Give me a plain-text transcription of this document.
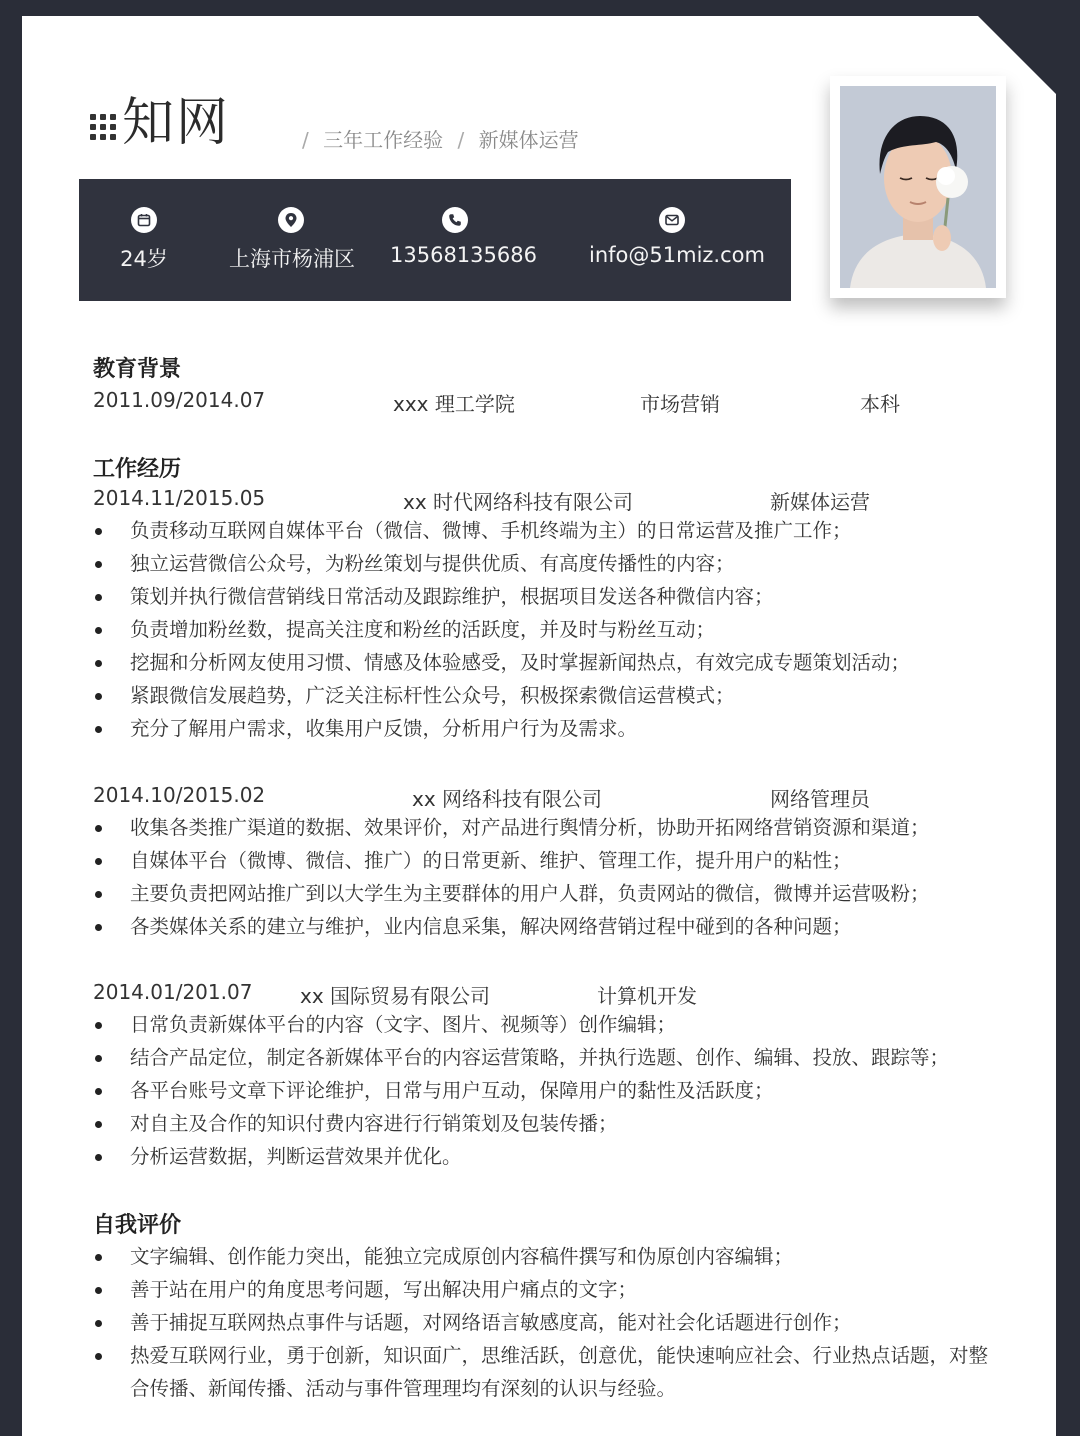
知网	/ 三年工作经验 / 新媒体运营
24岁	上海市杨浦区 13568135686 info@51miz.com
教育背景
2011.09/2014.07	xxx 理工学院	市场营销	本科
工作经历
2014.11/2015.05	xx 时代网络科技有限公司	新媒体运营
负责移动互联网自媒体平台（微信、微博、手机终端为主）的日常运营及推广工作；
独立运营微信公众号，为粉丝策划与提供优质、有高度传播性的内容；
策划并执行微信营销线日常活动及跟踪维护，根据项目发送各种微信内容；
负责增加粉丝数，提高关注度和粉丝的活跃度，并及时与粉丝互动；
挖掘和分析网友使用习惯、情感及体验感受，及时掌握新闻热点，有效完成专题策划活动；
紧跟微信发展趋势，广泛关注标杆性公众号，积极探索微信运营模式；
充分了解用户需求，收集用户反馈，分析用户行为及需求。
2014.10/2015.02	xx 网络科技有限公司	网络管理员
收集各类推广渠道的数据、效果评价，对产品进行舆情分析，协助开拓网络营销资源和渠道；
自媒体平台（微博、微信、推广）的日常更新、维护、管理工作，提升用户的粘性；
主要负责把网站推广到以大学生为主要群体的用户人群，负责网站的微信，微博并运营吸粉；
各类媒体关系的建立与维护，业内信息采集，解决网络营销过程中碰到的各种问题；
2014.01/201.07 xx 国际贸易有限公司	计算机开发
日常负责新媒体平台的内容（文字、图片、视频等）创作编辑；
结合产品定位，制定各新媒体平台的内容运营策略，并执行选题、创作、编辑、投放、跟踪等；
各平台账号文章下评论维护，日常与用户互动，保障用户的黏性及活跃度；
对自主及合作的知识付费内容进行行销策划及包装传播；
分析运营数据，判断运营效果并优化。
自我评价
文字编辑、创作能力突出，能独立完成原创内容稿件撰写和伪原创内容编辑；
善于站在用户的角度思考问题，写出解决用户痛点的文字；
善于捕捉互联网热点事件与话题，对网络语言敏感度高，能对社会化话题进行创作；
热爱互联网行业，勇于创新，知识面广，思维活跃，创意优，能快速响应社会、行业热点话题，对整合传播、新闻传播、活动与事件管理理均有深刻的认识与经验。
